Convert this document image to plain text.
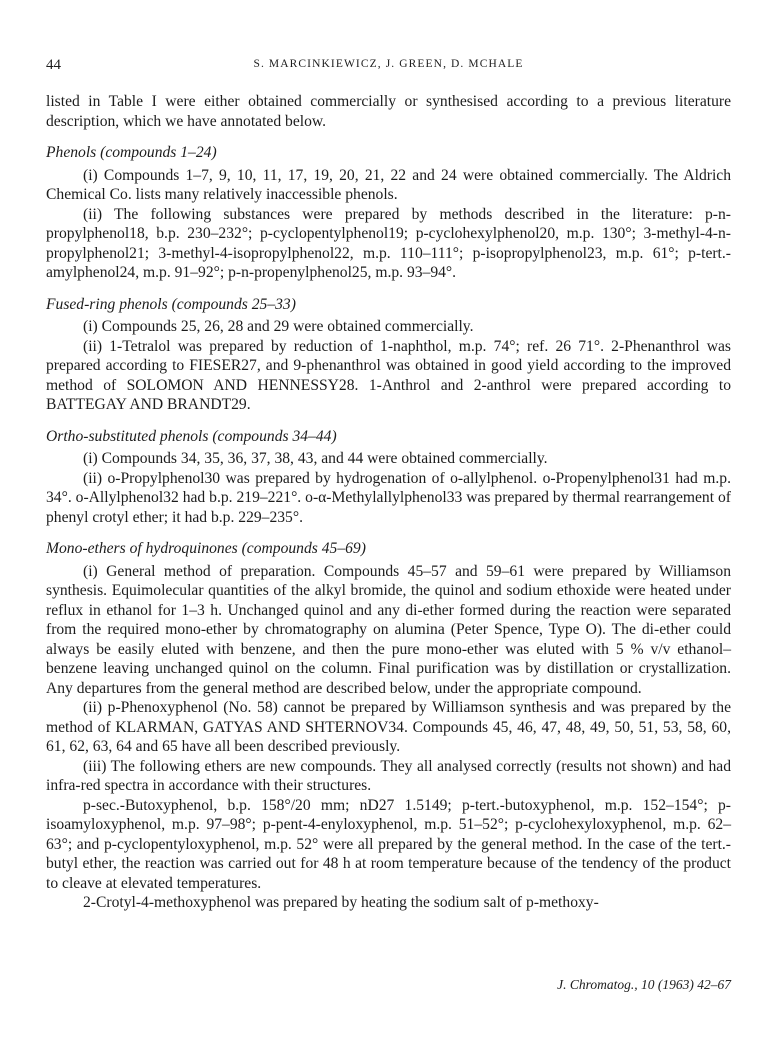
44	S. MARCINKIEWICZ, J. GREEN, D. MCHALE

listed in Table I were either obtained commercially or synthesised according to a previous literature description, which we have annotated below.

Phenols (compounds 1–24)

(i) Compounds 1–7, 9, 10, 11, 17, 19, 20, 21, 22 and 24 were obtained commercially. The Aldrich Chemical Co. lists many relatively inaccessible phenols.

(ii) The following substances were prepared by methods described in the literature: p-n-propylphenol18, b.p. 230–232°; p-cyclopentylphenol19; p-cyclohexylphenol20, m.p. 130°; 3-methyl-4-n-propylphenol21; 3-methyl-4-isopropylphenol22, m.p. 110–111°; p-isopropylphenol23, m.p. 61°; p-tert.-amylphenol24, m.p. 91–92°; p-n-propenylphenol25, m.p. 93–94°.

Fused-ring phenols (compounds 25–33)

(i) Compounds 25, 26, 28 and 29 were obtained commercially.

(ii) 1-Tetralol was prepared by reduction of 1-naphthol, m.p. 74°; ref. 26 71°. 2-Phenanthrol was prepared according to FIESER27, and 9-phenanthrol was obtained in good yield according to the improved method of SOLOMON AND HENNESSY28. 1-Anthrol and 2-anthrol were prepared according to BATTEGAY AND BRANDT29.

Ortho-substituted phenols (compounds 34–44)

(i) Compounds 34, 35, 36, 37, 38, 43, and 44 were obtained commercially.

(ii) o-Propylphenol30 was prepared by hydrogenation of o-allylphenol. o-Propenylphenol31 had m.p. 34°. o-Allylphenol32 had b.p. 219–221°. o-α-Methylallylphenol33 was prepared by thermal rearrangement of phenyl crotyl ether; it had b.p. 229–235°.

Mono-ethers of hydroquinones (compounds 45–69)

(i) General method of preparation. Compounds 45–57 and 59–61 were prepared by Williamson synthesis. Equimolecular quantities of the alkyl bromide, the quinol and sodium ethoxide were heated under reflux in ethanol for 1–3 h. Unchanged quinol and any di-ether formed during the reaction were separated from the required mono-ether by chromatography on alumina (Peter Spence, Type O). The di-ether could always be easily eluted with benzene, and then the pure mono-ether was eluted with 5 % v/v ethanol–benzene leaving unchanged quinol on the column. Final purification was by distillation or crystallization. Any departures from the general method are described below, under the appropriate compound.

(ii) p-Phenoxyphenol (No. 58) cannot be prepared by Williamson synthesis and was prepared by the method of KLARMAN, GATYAS AND SHTERNOV34. Compounds 45, 46, 47, 48, 49, 50, 51, 53, 58, 60, 61, 62, 63, 64 and 65 have all been described previously.

(iii) The following ethers are new compounds. They all analysed correctly (results not shown) and had infra-red spectra in accordance with their structures.

p-sec.-Butoxyphenol, b.p. 158°/20 mm; nD27 1.5149; p-tert.-butoxyphenol, m.p. 152–154°; p-isoamyloxyphenol, m.p. 97–98°; p-pent-4-enyloxyphenol, m.p. 51–52°; p-cyclohexyloxyphenol, m.p. 62–63°; and p-cyclopentyloxyphenol, m.p. 52° were all prepared by the general method. In the case of the tert.-butyl ether, the reaction was carried out for 48 h at room temperature because of the tendency of the product to cleave at elevated temperatures.

2-Crotyl-4-methoxyphenol was prepared by heating the sodium salt of p-methoxy-

J. Chromatog., 10 (1963) 42–67
